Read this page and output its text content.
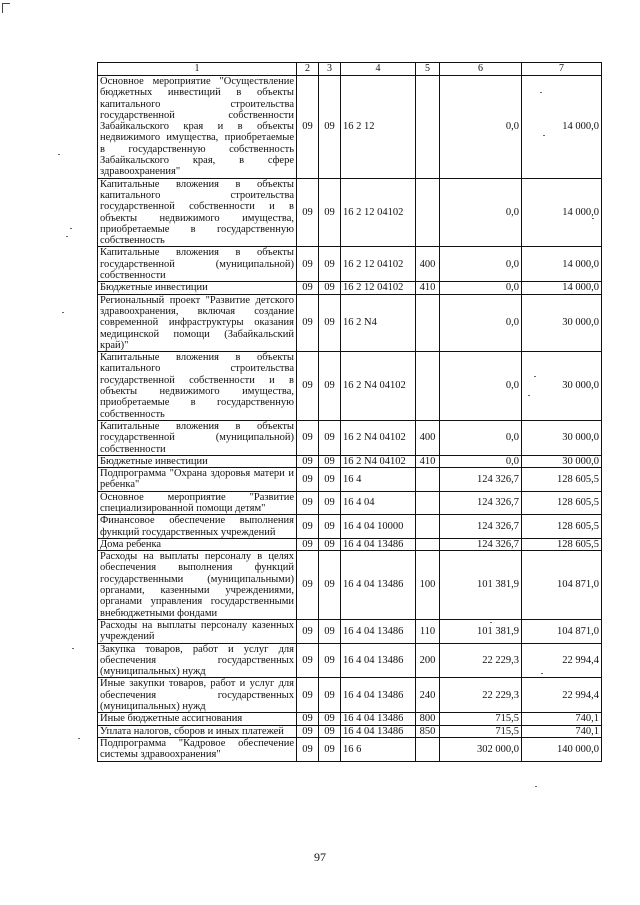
1	2	3	4	5	6	7
Основное мероприятие "Осуществление бюджетных инвестиций в объекты капитального строительства государственной собственности Забайкальского края и в объекты недвижимого имущества, приобретаемые в государственную собственность Забайкальского края, в сфере здравоохранения"	09	09	16 2 12		0,0	14 000,0
Капитальные вложения в объекты капитального строительства государственной собственности и в объекты недвижимого имущества, приобретаемые в государственную собственность	09	09	16 2 12 04102		0,0	14 000,0
Капитальные вложения в объекты государственной (муниципальной) собственности	09	09	16 2 12 04102	400	0,0	14 000,0
Бюджетные инвестиции	09	09	16 2 12 04102	410	0,0	14 000,0
Региональный проект "Развитие детского здравоохранения, включая создание современной инфраструктуры оказания медицинской помощи (Забайкальский край)"	09	09	16 2 N4		0,0	30 000,0
Капитальные вложения в объекты капитального строительства государственной собственности и в объекты недвижимого имущества, приобретаемые в государственную собственность	09	09	16 2 N4 04102		0,0	30 000,0
Капитальные вложения в объекты государственной (муниципальной) собственности	09	09	16 2 N4 04102	400	0,0	30 000,0
Бюджетные инвестиции	09	09	16 2 N4 04102	410	0,0	30 000,0
Подпрограмма "Охрана здоровья матери и ребенка"	09	09	16 4		124 326,7	128 605,5
Основное мероприятие "Развитие специализированной помощи детям"	09	09	16 4 04		124 326,7	128 605,5
Финансовое обеспечение выполнения функций государственных учреждений	09	09	16 4 04 10000		124 326,7	128 605,5
Дома ребенка	09	09	16 4 04 13486		124 326,7	128 605,5
Расходы на выплаты персоналу в целях обеспечения выполнения функций государственными (муниципальными) органами, казенными учреждениями, органами управления государственными внебюджетными фондами	09	09	16 4 04 13486	100	101 381,9	104 871,0
Расходы на выплаты персоналу казенных учреждений	09	09	16 4 04 13486	110	101 381,9	104 871,0
Закупка товаров, работ и услуг для обеспечения государственных (муниципальных) нужд	09	09	16 4 04 13486	200	22 229,3	22 994,4
Иные закупки товаров, работ и услуг для обеспечения государственных (муниципальных) нужд	09	09	16 4 04 13486	240	22 229,3	22 994,4
Иные бюджетные ассигнования	09	09	16 4 04 13486	800	715,5	740,1
Уплата налогов, сборов и иных платежей	09	09	16 4 04 13486	850	715,5	740,1
Подпрограмма "Кадровое обеспечение системы здравоохранения"	09	09	16 6		302 000,0	140 000,0
97
